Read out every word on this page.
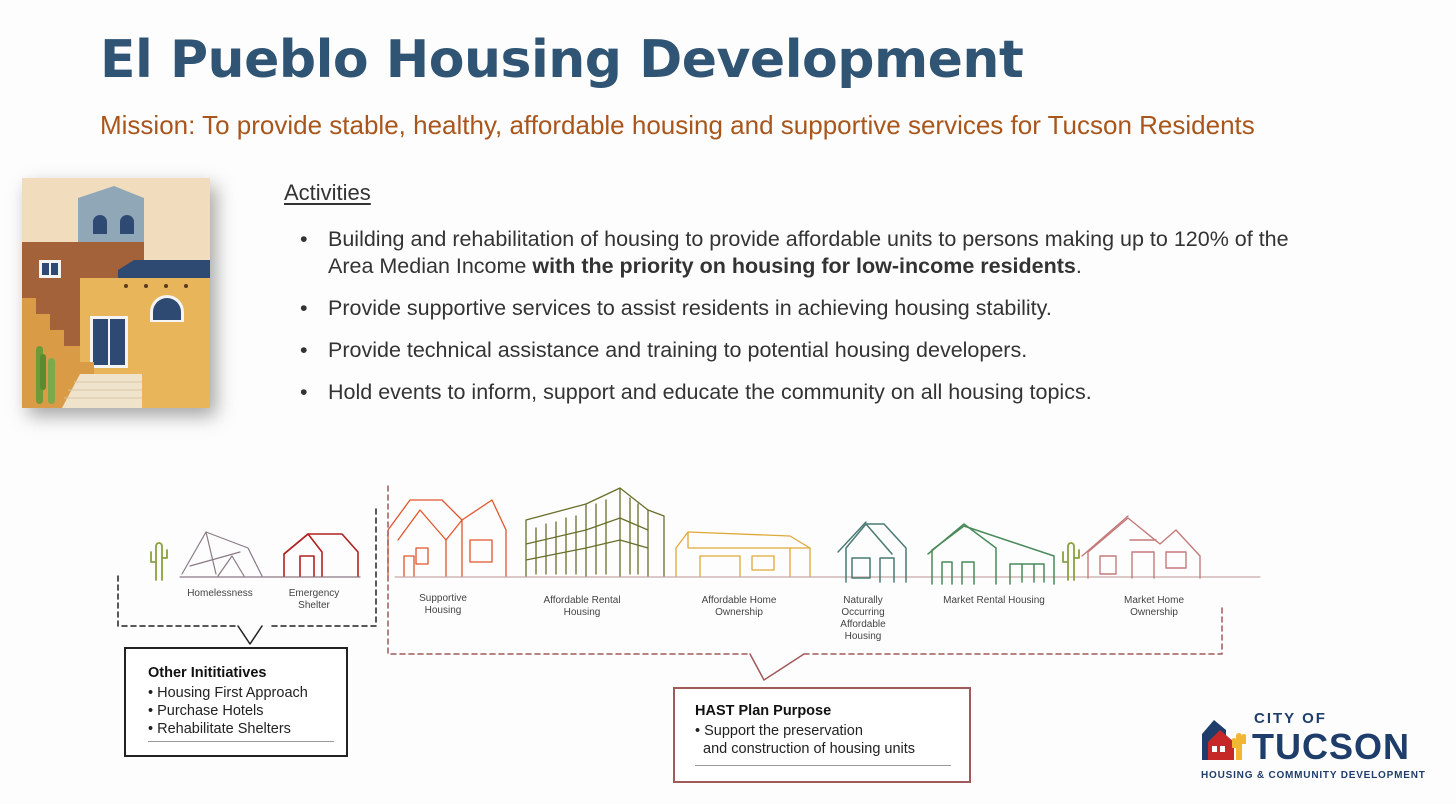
El Pueblo Housing Development
Mission: To provide stable, healthy, affordable housing and supportive services for Tucson Residents
Activities
• Building and rehabilitation of housing to provide affordable units to persons making up to 120% of the Area Median Income with the priority on housing for low-income residents.
• Provide supportive services to assist residents in achieving housing stability.
• Provide technical assistance and training to potential housing developers.
• Hold events to inform, support and educate the community on all housing topics.
Homelessness	Emergency
Shelter
Supportive
Housing
Affordable Rental
Housing
Affordable Home
Ownership
Naturally
Occurring
Affordable
Housing
Market Rental Housing	Market Home
Ownership
Other Inititiatives
• Housing First Approach
• Purchase Hotels
• Rehabilitate Shelters
HAST Plan Purpose
• Support the preservation
and construction of housing units
CITY OF
TUCSON
HOUSING & COMMUNITY DEVELOPMENT
